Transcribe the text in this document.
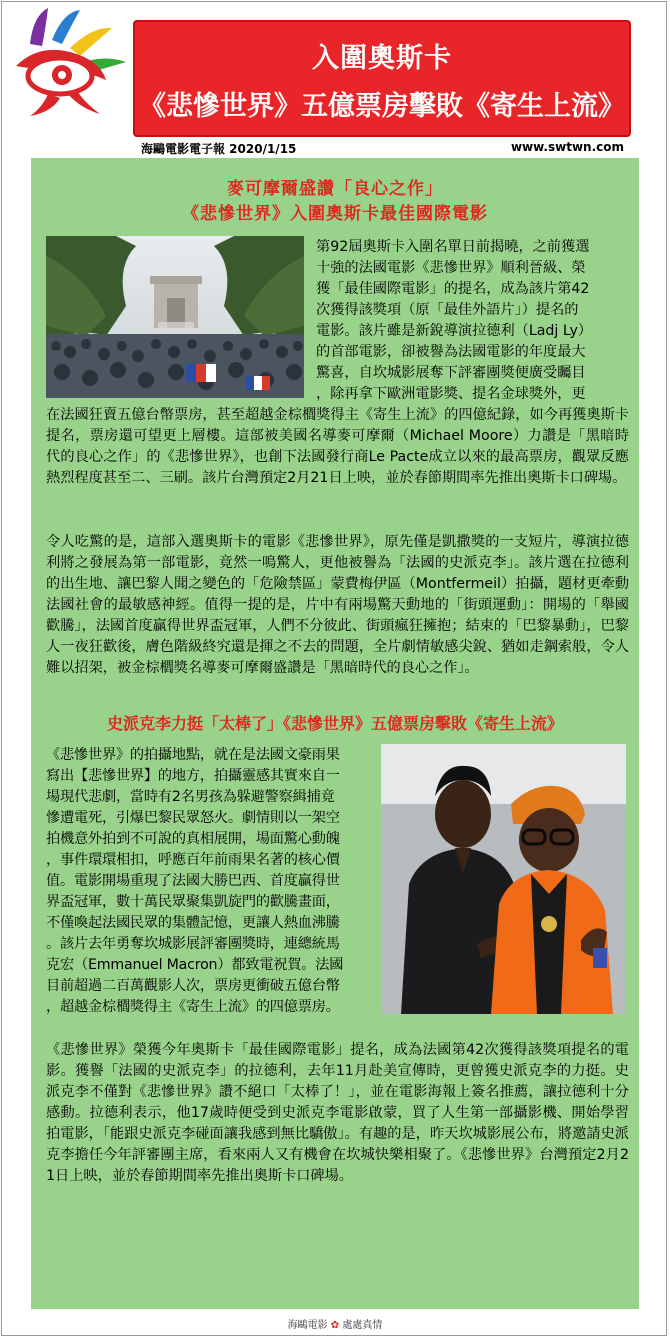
入圍奧斯卡
《悲慘世界》五億票房擊敗《寄生上流》
海鷗電影電子報 2020/1/15	www.swtwn.com
麥可摩爾盛讚「良心之作」
《悲慘世界》入圍奧斯卡最佳國際電影
第92屆奧斯卡入圍名單日前揭曉，之前獲選
十強的法國電影《悲慘世界》順利晉級、榮
獲「最佳國際電影」的提名，成為該片第42
次獲得該獎項（原「最佳外語片」）提名的
電影。該片雖是新銳導演拉德利（Ladj Ly）
的首部電影，卻被譽為法國電影的年度最大
驚喜，自坎城影展奪下評審團獎便廣受矚目
，除再拿下歐洲電影獎、提名金球獎外，更
在法國狂賣五億台幣票房，甚至超越金棕櫚獎得主《寄生上流》的四億紀錄，如今再獲奧斯卡提名，票房還可望更上層樓。這部被美國名導麥可摩爾（Michael Moore）力讚是「黑暗時代的良心之作」的《悲慘世界》，也創下法國發行商Le Pacte成立以來的最高票房，觀眾反應熱烈程度甚至二、三刷。該片台灣預定2月21日上映，並於春節期間率先推出奧斯卡口碑場。
令人吃驚的是，這部入選奧斯卡的電影《悲慘世界》，原先僅是凱撒獎的一支短片，導演拉德利將之發展為第一部電影，竟然一鳴驚人，更他被譽為「法國的史派克李」。該片選在拉德利的出生地、讓巴黎人聞之變色的「危險禁區」蒙費梅伊區（Montfermeil）拍攝，題材更牽動法國社會的最敏感神經。值得一提的是，片中有兩場驚天動地的「街頭運動」：開場的「舉國歡騰」，法國首度贏得世界盃冠軍，人們不分彼此、街頭瘋狂擁抱；結束的「巴黎暴動」，巴黎人一夜狂歡後，膚色階級終究還是揮之不去的問題，全片劇情敏感尖銳、猶如走鋼索般，令人難以招架，被金棕櫚獎名導麥可摩爾盛讚是「黑暗時代的良心之作」。
史派克李力挺「太棒了」《悲慘世界》五億票房擊敗《寄生上流》
《悲慘世界》的拍攝地點，就在是法國文豪雨果
寫出【悲慘世界】的地方，拍攝靈感其實來自一
場現代悲劇，當時有2名男孩為躲避警察緝捕竟
慘遭電死，引爆巴黎民眾怒火。劇情則以一架空
拍機意外拍到不可說的真相展開，場面驚心動魄
，事件環環相扣，呼應百年前雨果名著的核心價
值。電影開場重現了法國大勝巴西、首度贏得世
界盃冠軍，數十萬民眾聚集凱旋門的歡騰畫面，
不僅喚起法國民眾的集體記憶，更讓人熱血沸騰
。該片去年勇奪坎城影展評審團獎時，連總統馬
克宏（Emmanuel Macron）都致電祝賀。法國
目前超過二百萬觀影人次，票房更衝破五億台幣
，超越金棕櫚獎得主《寄生上流》的四億票房。
《悲慘世界》榮獲今年奧斯卡「最佳國際電影」提名，成為法國第42次獲得該獎項提名的電影。獲譽「法國的史派克李」的拉德利，去年11月赴美宣傳時，更曾獲史派克李的力挺。史派克李不僅對《悲慘世界》讚不絕口「太棒了！」，並在電影海報上簽名推薦，讓拉德利十分感動。拉德利表示，他17歲時便受到史派克李電影啟蒙，買了人生第一部攝影機、開始學習拍電影，「能跟史派克李碰面讓我感到無比驕傲」。有趣的是，昨天坎城影展公布，將邀請史派克李擔任今年評審團主席，看來兩人又有機會在坎城快樂相聚了。《悲慘世界》台灣預定2月21日上映，並於春節期間率先推出奧斯卡口碑場。
海鷗電影 ✿ 處處真情
